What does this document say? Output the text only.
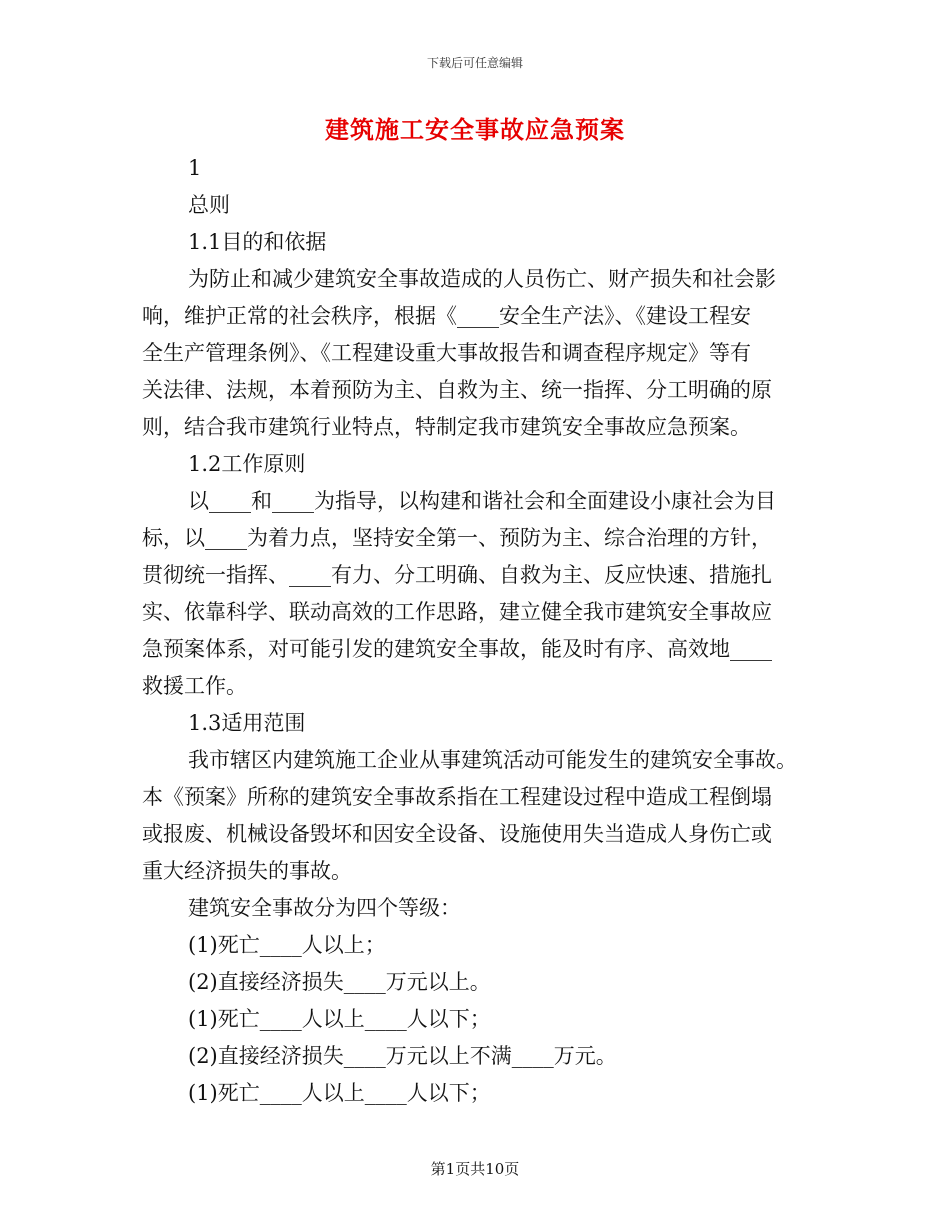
下载后可任意编辑
建筑施工安全事故应急预案
1
总则
1.1目的和依据
为防止和减少建筑安全事故造成的人员伤亡、财产损失和社会影
响，维护正常的社会秩序，根据《____安全生产法》、《建设工程安
全生产管理条例》、《工程建设重大事故报告和调查程序规定》等有
关法律、法规，本着预防为主、自救为主、统一指挥、分工明确的原
则，结合我市建筑行业特点，特制定我市建筑安全事故应急预案。
1.2工作原则
以____和____为指导，以构建和谐社会和全面建设小康社会为目
标，以____为着力点，坚持安全第一、预防为主、综合治理的方针，
贯彻统一指挥、____有力、分工明确、自救为主、反应快速、措施扎
实、依靠科学、联动高效的工作思路，建立健全我市建筑安全事故应
急预案体系，对可能引发的建筑安全事故，能及时有序、高效地____
救援工作。
1.3适用范围
我市辖区内建筑施工企业从事建筑活动可能发生的建筑安全事故。
本《预案》所称的建筑安全事故系指在工程建设过程中造成工程倒塌
或报废、机械设备毁坏和因安全设备、设施使用失当造成人身伤亡或
重大经济损失的事故。
建筑安全事故分为四个等级：
(1)死亡____人以上；
(2)直接经济损失____万元以上。
(1)死亡____人以上____人以下；
(2)直接经济损失____万元以上不满____万元。
(1)死亡____人以上____人以下；
第1页共10页
